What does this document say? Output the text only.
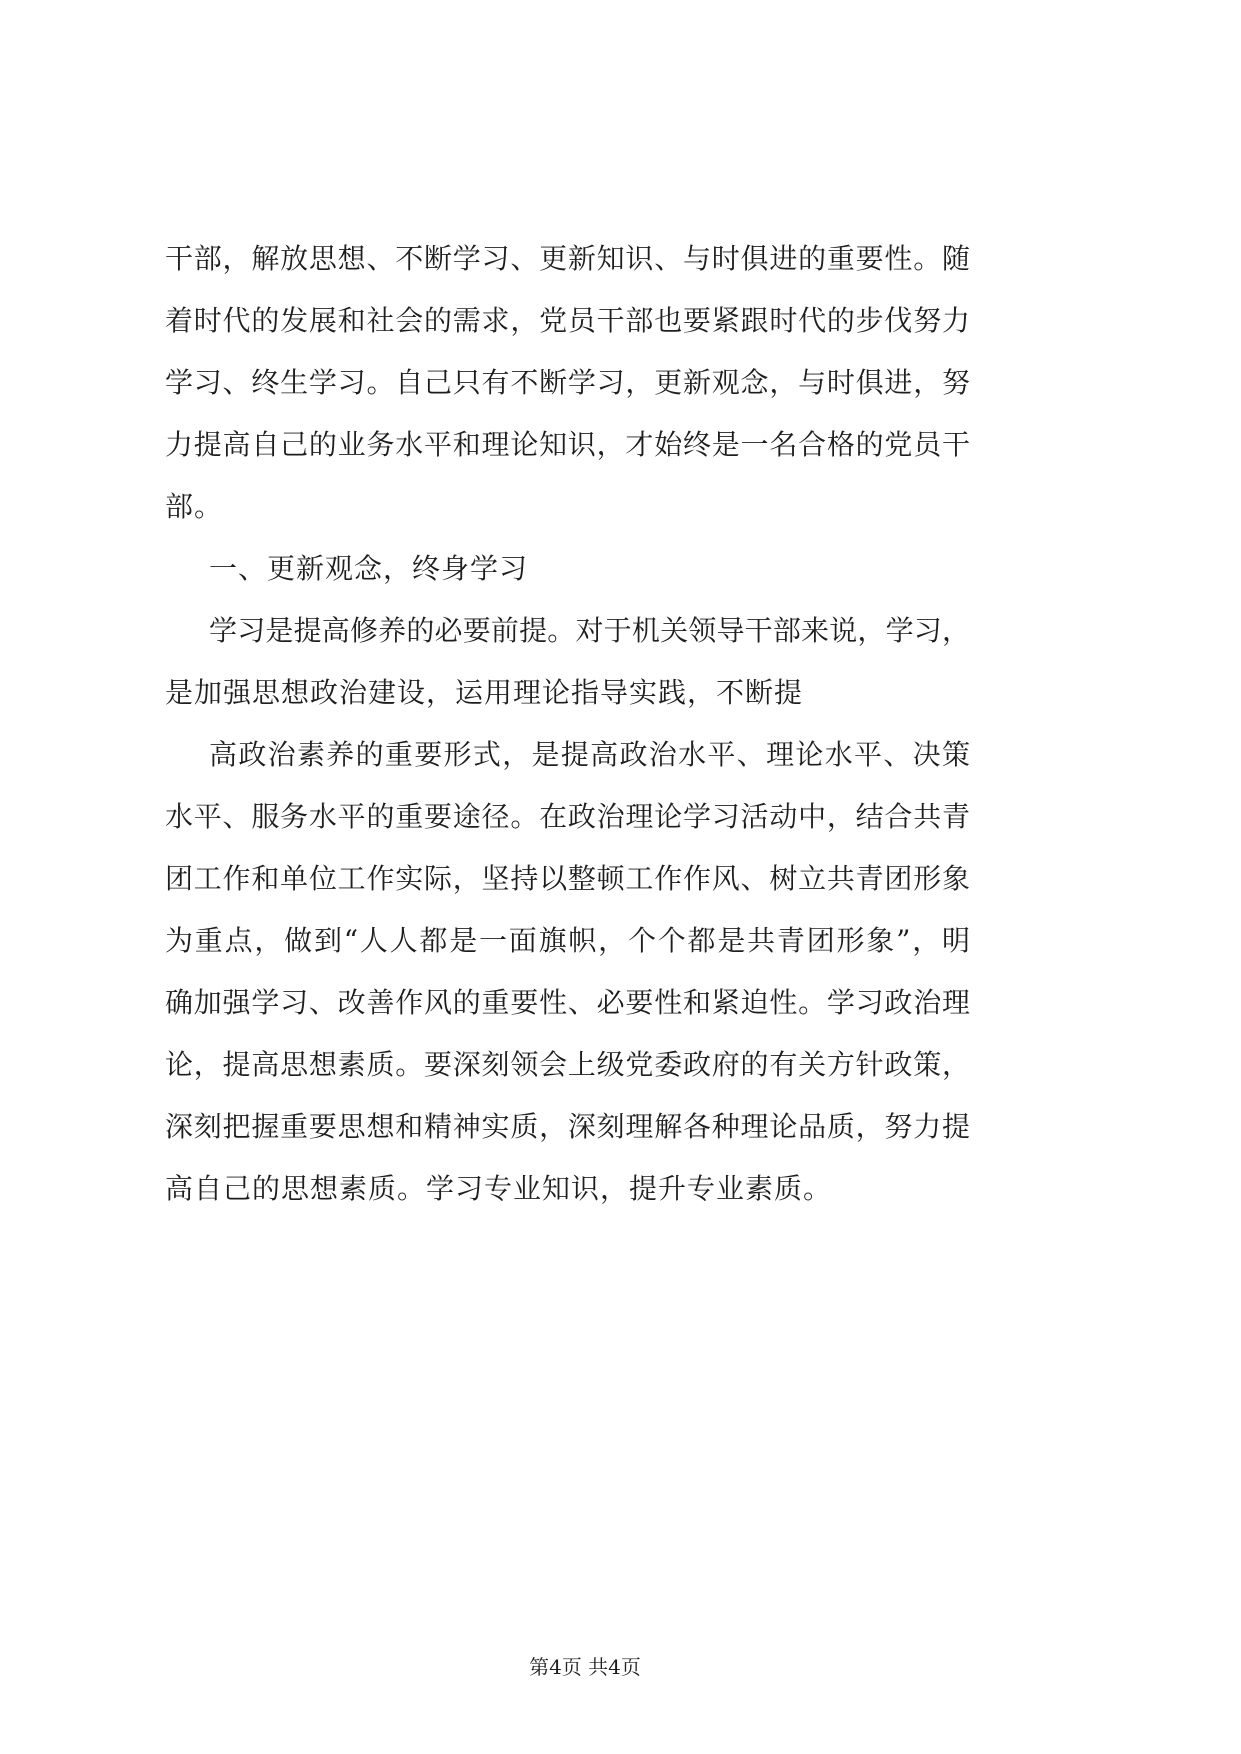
干部，解放思想、不断学习、更新知识、与时俱进的重要性。随
着时代的发展和社会的需求，党员干部也要紧跟时代的步伐努力
学习、终生学习。自己只有不断学习，更新观念，与时俱进，努
力提高自己的业务水平和理论知识，才始终是一名合格的党员干
部。
一、更新观念，终身学习
学习是提高修养的必要前提。对于机关领导干部来说，学习，
是加强思想政治建设，运用理论指导实践，不断提
高政治素养的重要形式，是提高政治水平、理论水平、决策
水平、服务水平的重要途径。在政治理论学习活动中，结合共青
团工作和单位工作实际，坚持以整顿工作作风、树立共青团形象
为重点，做到“人人都是一面旗帜，个个都是共青团形象”，明
确加强学习、改善作风的重要性、必要性和紧迫性。学习政治理
论，提高思想素质。要深刻领会上级党委政府的有关方针政策，
深刻把握重要思想和精神实质，深刻理解各种理论品质，努力提
高自己的思想素质。学习专业知识，提升专业素质。
第4页 共4页
